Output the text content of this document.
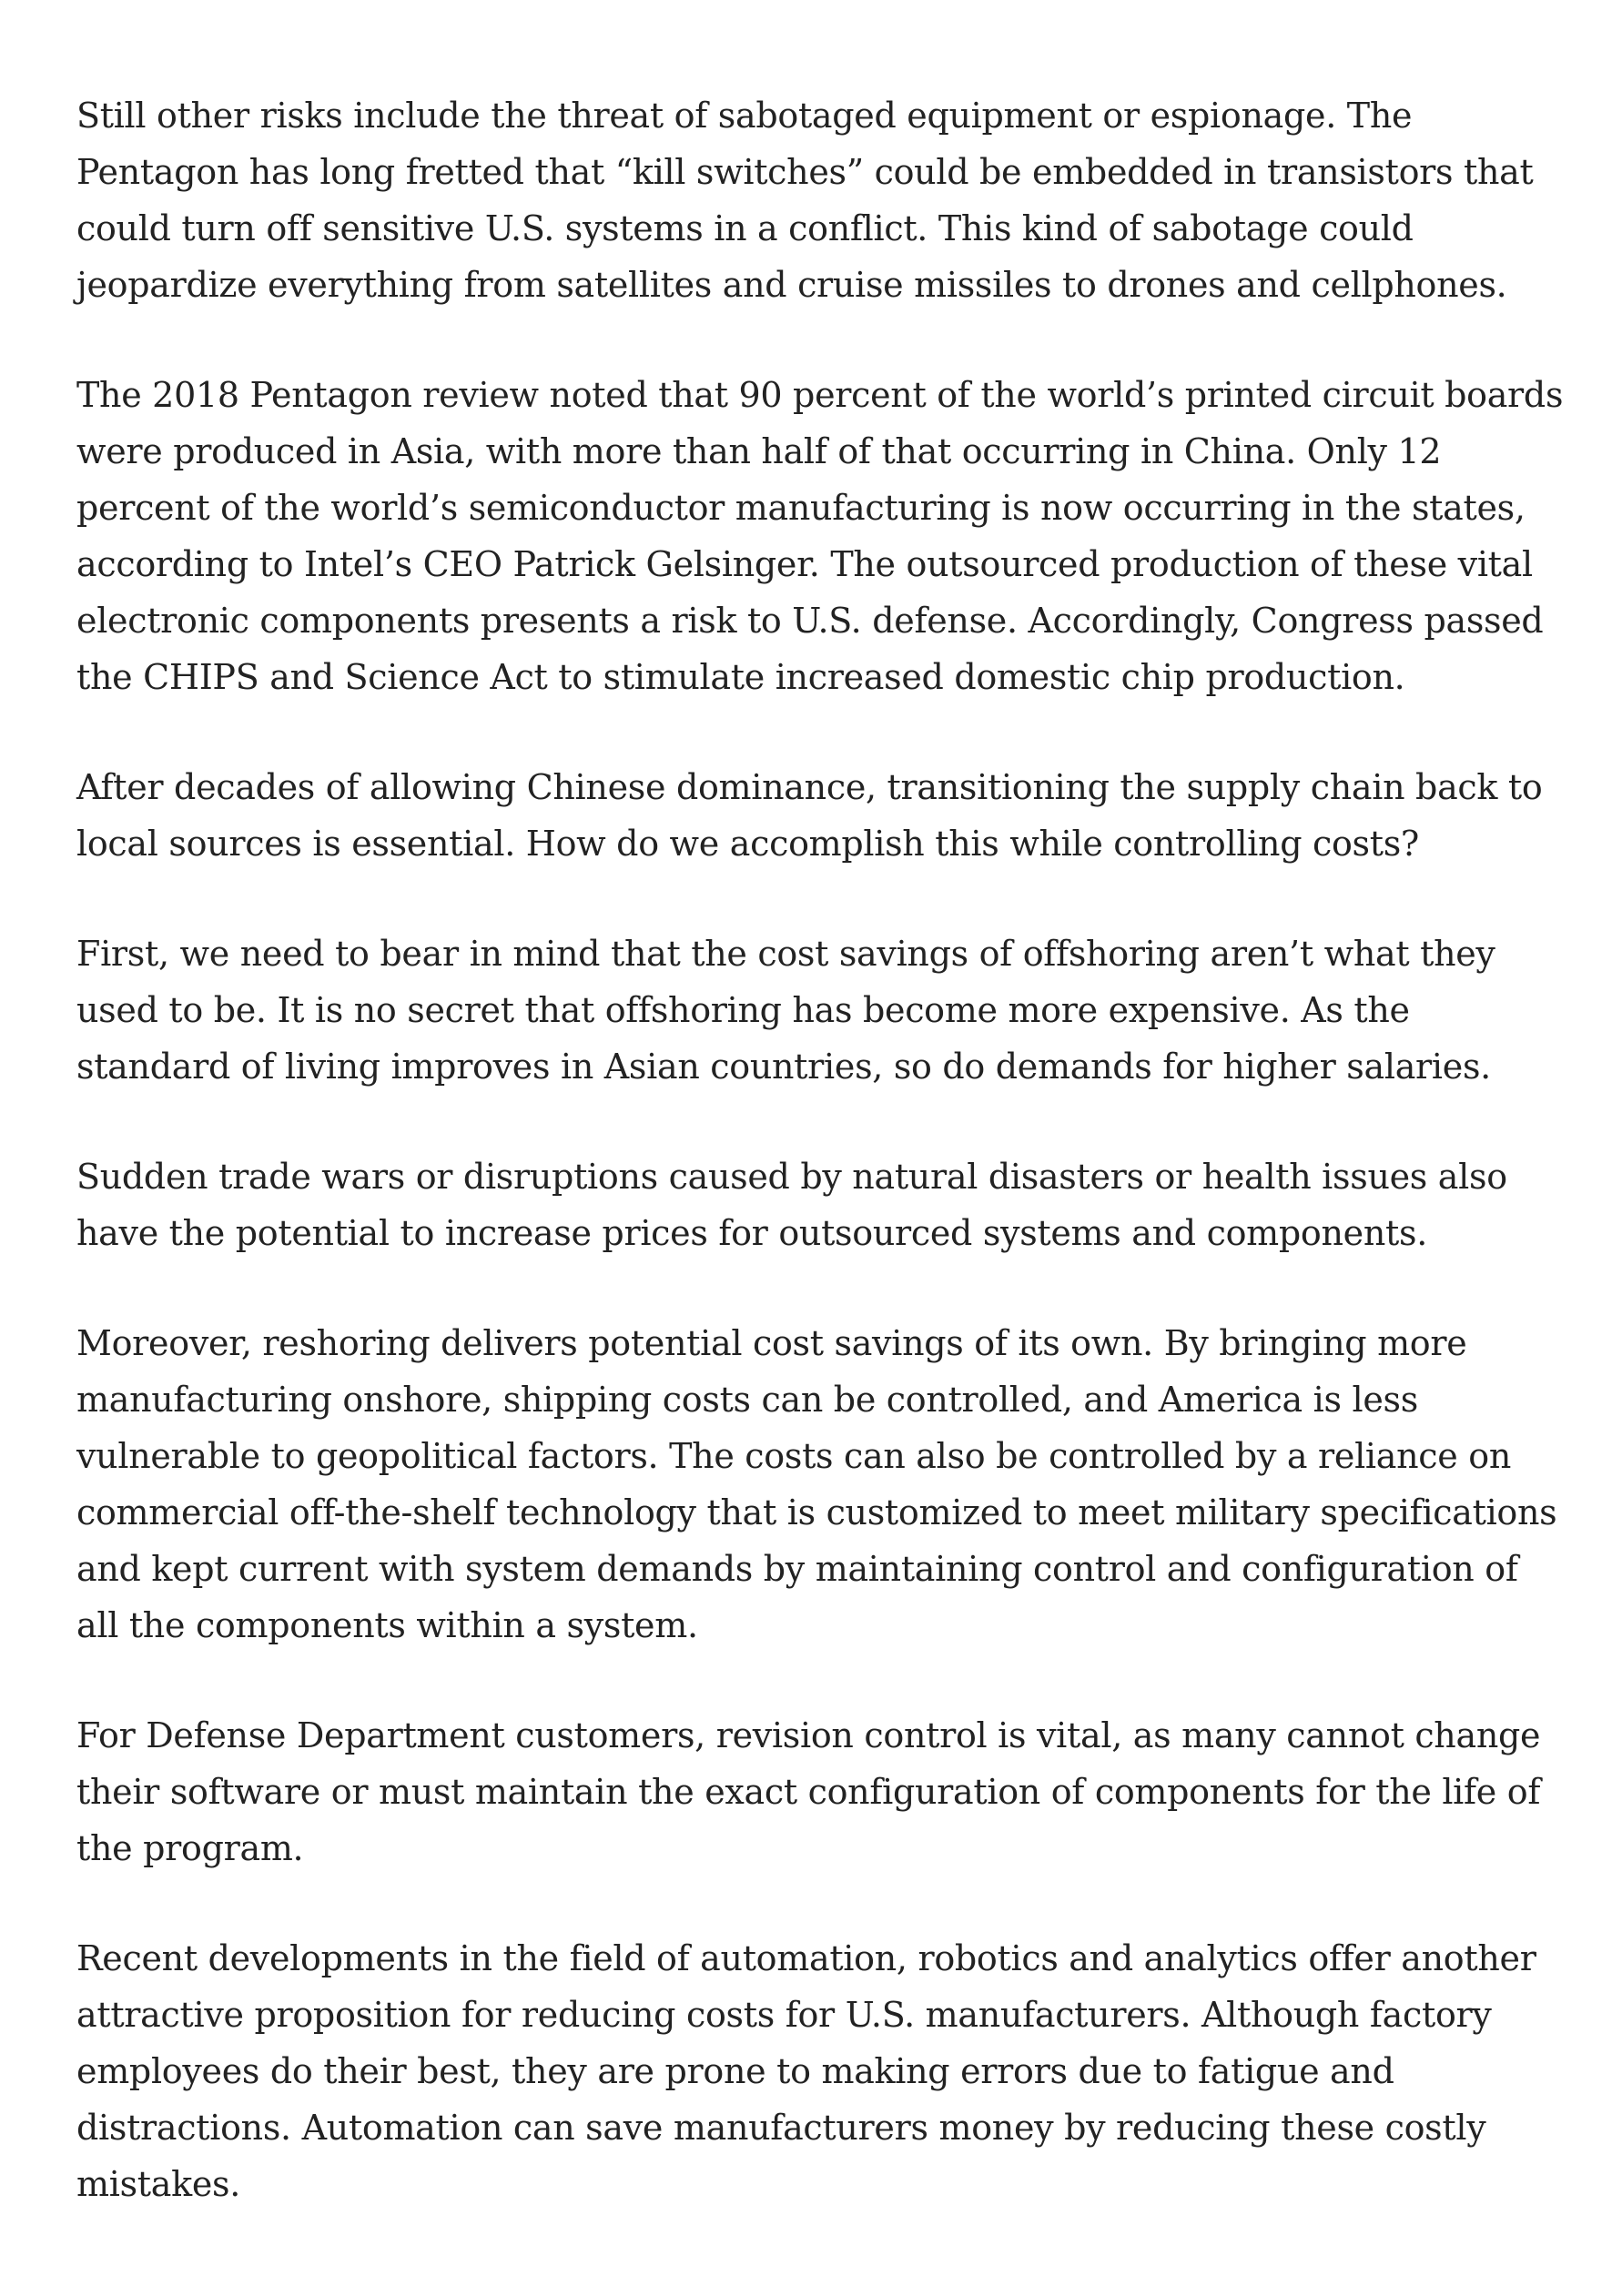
Still other risks include the threat of sabotaged equipment or espionage. The Pentagon has long fretted that “kill switches” could be embedded in transistors that could turn off sensitive U.S. systems in a conflict. This kind of sabotage could jeopardize everything from satellites and cruise missiles to drones and cellphones.

The 2018 Pentagon review noted that 90 percent of the world’s printed circuit boards were produced in Asia, with more than half of that occurring in China. Only 12 percent of the world’s semiconductor manufacturing is now occurring in the states, according to Intel’s CEO Patrick Gelsinger. The outsourced production of these vital electronic components presents a risk to U.S. defense. Accordingly, Congress passed the CHIPS and Science Act to stimulate increased domestic chip production.

After decades of allowing Chinese dominance, transitioning the supply chain back to local sources is essential. How do we accomplish this while controlling costs?

First, we need to bear in mind that the cost savings of offshoring aren’t what they used to be. It is no secret that offshoring has become more expensive. As the standard of living improves in Asian countries, so do demands for higher salaries.

Sudden trade wars or disruptions caused by natural disasters or health issues also have the potential to increase prices for outsourced systems and components.

Moreover, reshoring delivers potential cost savings of its own. By bringing more manufacturing onshore, shipping costs can be controlled, and America is less vulnerable to geopolitical factors. The costs can also be controlled by a reliance on commercial off-the-shelf technology that is customized to meet military specifications and kept current with system demands by maintaining control and configuration of all the components within a system.

For Defense Department customers, revision control is vital, as many cannot change their software or must maintain the exact configuration of components for the life of the program.

Recent developments in the field of automation, robotics and analytics offer another attractive proposition for reducing costs for U.S. manufacturers. Although factory employees do their best, they are prone to making errors due to fatigue and distractions. Automation can save manufacturers money by reducing these costly mistakes.
